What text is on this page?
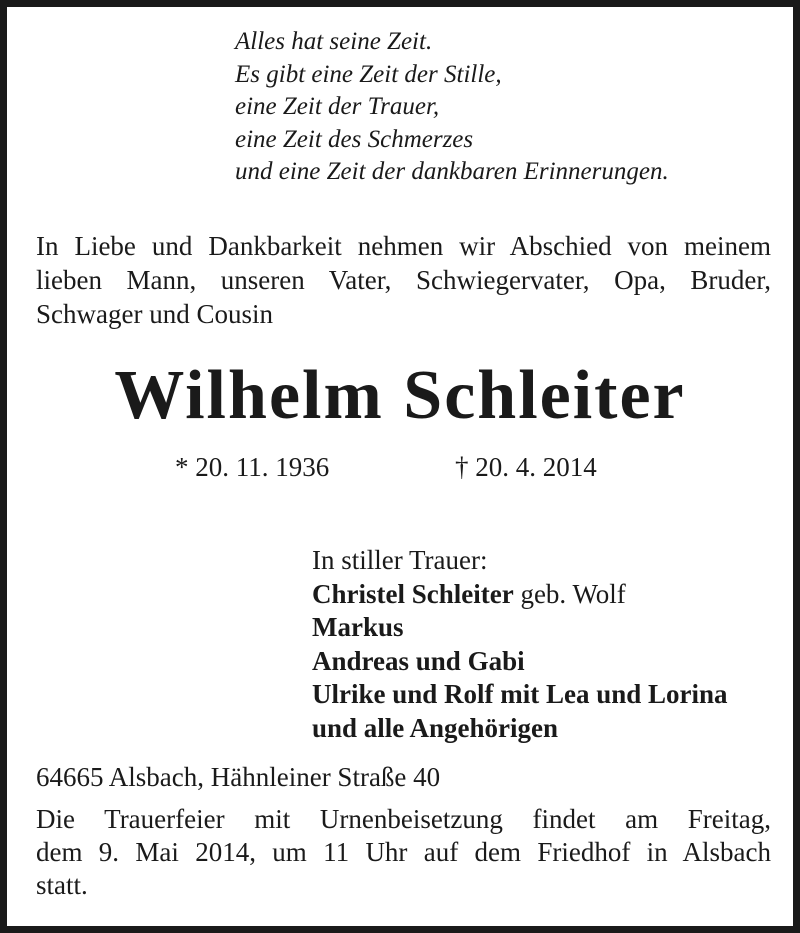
Alles hat seine Zeit.
Es gibt eine Zeit der Stille,
eine Zeit der Trauer,
eine Zeit des Schmerzes
und eine Zeit der dankbaren Erinnerungen.
In Liebe und Dankbarkeit nehmen wir Abschied von meinem
lieben Mann, unseren Vater, Schwiegervater, Opa, Bruder,
Schwager und Cousin
Wilhelm Schleiter
* 20. 11. 1936	† 20. 4. 2014
In stiller Trauer:
Christel Schleiter geb. Wolf
Markus
Andreas und Gabi
Ulrike und Rolf mit Lea und Lorina
und alle Angehörigen
64665 Alsbach, Hähnleiner Straße 40
Die Trauerfeier mit Urnenbeisetzung findet am Freitag,
dem 9. Mai 2014, um 11 Uhr auf dem Friedhof in Alsbach
statt.
